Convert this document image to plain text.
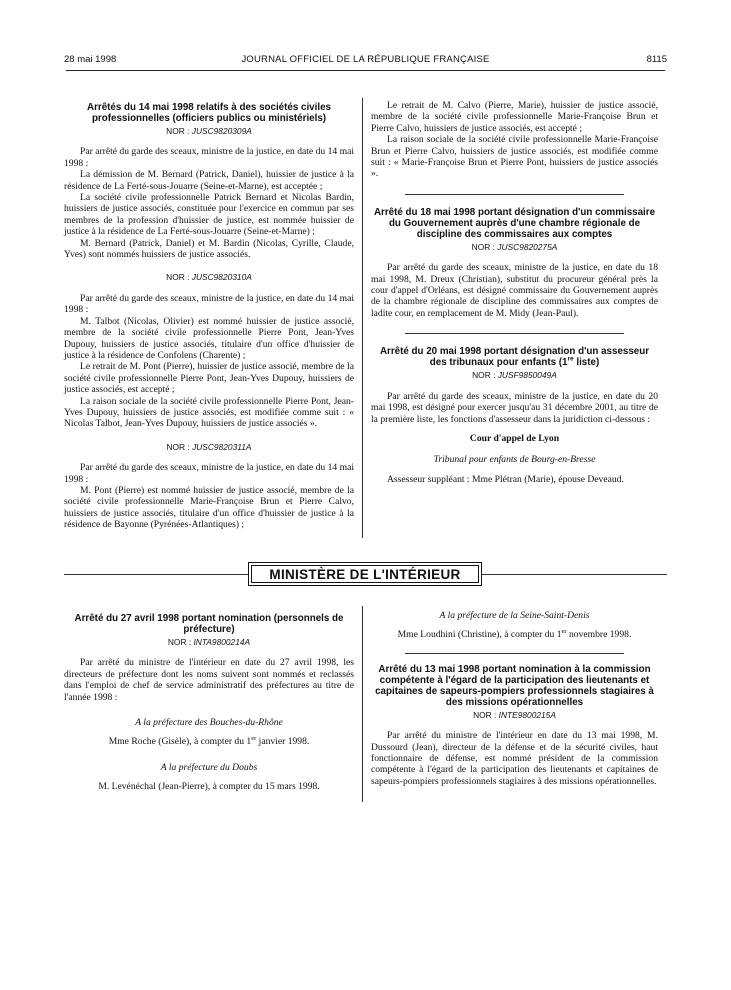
28 mai 1998	JOURNAL OFFICIEL DE LA RÉPUBLIQUE FRANÇAISE	8115

Arrêtés du 14 mai 1998 relatifs à des sociétés civiles professionnelles (officiers publics ou ministériels)

NOR : JUSC9820309A

Par arrêté du garde des sceaux, ministre de la justice, en date du 14 mai 1998 :

La démission de M. Bernard (Patrick, Daniel), huissier de justice à la résidence de La Ferté-sous-Jouarre (Seine-et-Marne), est acceptée ;

La société civile professionnelle Patrick Bernard et Nicolas Bardin, huissiers de justice associés, constituée pour l'exercice en commun par ses membres de la profession d'huissier de justice, est nommée huissier de justice à la résidence de La Ferté-sous-Jouarre (Seine-et-Marne) ;

M. Bernard (Patrick, Daniel) et M. Bardin (Nicolas, Cyrille, Claude, Yves) sont nommés huissiers de justice associés.

NOR : JUSC9820310A

Par arrêté du garde des sceaux, ministre de la justice, en date du 14 mai 1998 :

M. Talbot (Nicolas, Olivier) est nommé huissier de justice associé, membre de la société civile professionnelle Pierre Pont, Jean-Yves Dupouy, huissiers de justice associés, titulaire d'un office d'huissier de justice à la résidence de Confolens (Charente) ;

Le retrait de M. Pont (Pierre), huissier de justice associé, membre de la société civile professionnelle Pierre Pont, Jean-Yves Dupouy, huissiers de justice associés, est accepté ;

La raison sociale de la société civile professionnelle Pierre Pont, Jean-Yves Dupouy, huissiers de justice associés, est modifiée comme suit : « Nicolas Talbot, Jean-Yves Dupouy, huissiers de justice associés ».

NOR : JUSC9820311A

Par arrêté du garde des sceaux, ministre de la justice, en date du 14 mai 1998 :

M. Pont (Pierre) est nommé huissier de justice associé, membre de la société civile professionnelle Marie-Françoise Brun et Pierre Calvo, huissiers de justice associés, titulaire d'un office d'huissier de justice à la résidence de Bayonne (Pyrénées-Atlantiques) ;

Le retrait de M. Calvo (Pierre, Marie), huissier de justice associé, membre de la société civile professionnelle Marie-Françoise Brun et Pierre Calvo, huissiers de justice associés, est accepté ;

La raison sociale de la société civile professionnelle Marie-Françoise Brun et Pierre Calvo, huissiers de justice associés, est modifiée comme suit : « Marie-Françoise Brun et Pierre Pont, huissiers de justice associés ».

Arrêté du 18 mai 1998 portant désignation d'un commissaire du Gouvernement auprès d'une chambre régionale de discipline des commissaires aux comptes

NOR : JUSC9820275A

Par arrêté du garde des sceaux, ministre de la justice, en date du 18 mai 1998, M. Dreux (Christian), substitut du procureur général près la cour d'appel d'Orléans, est désigné commissaire du Gouvernement auprès de la chambre régionale de discipline des commissaires aux comptes de ladite cour, en remplacement de M. Midy (Jean-Paul).

Arrêté du 20 mai 1998 portant désignation d'un assesseur des tribunaux pour enfants (1re liste)

NOR : JUSF9850049A

Par arrêté du garde des sceaux, ministre de la justice, en date du 20 mai 1998, est désigné pour exercer jusqu'au 31 décembre 2001, au titre de la première liste, les fonctions d'assesseur dans la juridiction ci-dessous :

Cour d'appel de Lyon

Tribunal pour enfants de Bourg-en-Bresse

Assesseur suppléant : Mme Plétran (Marie), épouse Deveaud.

MINISTÈRE DE L'INTÉRIEUR

Arrêté du 27 avril 1998 portant nomination (personnels de préfecture)

NOR : INTA9800214A

Par arrêté du ministre de l'intérieur en date du 27 avril 1998, les directeurs de préfecture dont les noms suivent sont nommés et reclassés dans l'emploi de chef de service administratif des préfectures au titre de l'année 1998 :

A la préfecture des Bouches-du-Rhône

Mme Roche (Gisèle), à compter du 1er janvier 1998.

A la préfecture du Doubs

M. Levénéchal (Jean-Pierre), à compter du 15 mars 1998.

A la préfecture de la Seine-Saint-Denis

Mme Loudhini (Christine), à compter du 1er novembre 1998.

Arrêté du 13 mai 1998 portant nomination à la commission compétente à l'égard de la participation des lieutenants et capitaines de sapeurs-pompiers professionnels stagiaires à des missions opérationnelles

NOR : INTE9800215A

Par arrêté du ministre de l'intérieur en date du 13 mai 1998, M. Dussourd (Jean), directeur de la défense et de la sécurité civiles, haut fonctionnaire de défense, est nommé président de la commission compétente à l'égard de la participation des lieutenants et capitaines de sapeurs-pompiers professionnels stagiaires à des missions opérationnelles.
